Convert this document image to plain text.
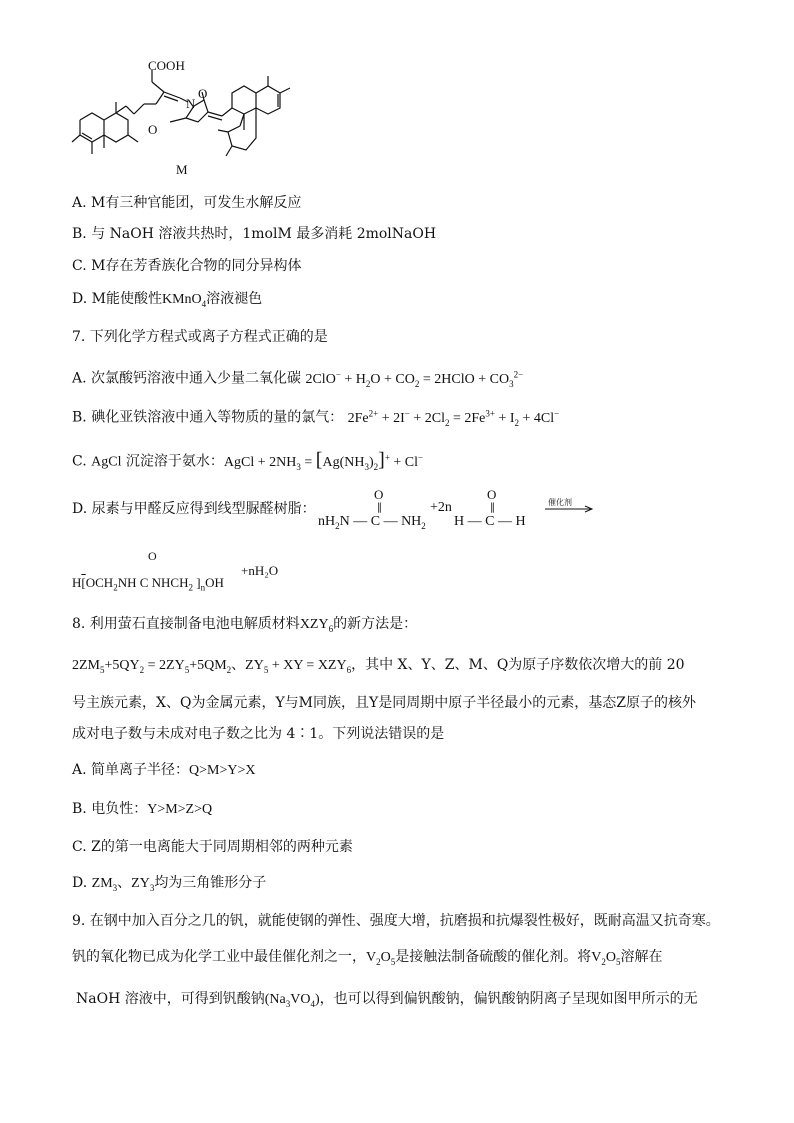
COOH
N
O
O
M
A. M有三种官能团，可发生水解反应
B. 与 NaOH 溶液共热时，1molM 最多消耗 2molNaOH
C. M存在芳香族化合物的同分异构体
D. M能使酸性KMnO$_4$溶液褪色
7. 下列化学方程式或离子方程式正确的是
A. 次氯酸钙溶液中通入少量二氧化碳 $2ClO^- + H_2O + CO_2$ = 2HClO + $CO_3^{2-}$
B. 碘化亚铁溶液中通入等物质的量的氯气： $2Fe^{2+} + 2I^- + 2Cl_2 = 2Fe^{3+} + I_2 + 4Cl^-$
C. AgCl 沉淀溶于氨水：AgCl + $2NH_3 = [Ag(NH_3)_2]^+ + Cl^-$
D. 尿素与甲醛反应得到线型脲醛树脂：
O
‖
$nH_2N$ — C — $NH_2$
+2n
O
‖
H — C — H
催化剂
O
$H[OCH_2NH$ C $NHCH_2$ ]$_nOH$
+nH₂O
8. 利用萤石直接制备电池电解质材料$XZY_6$的新方法是：
$2ZM_5+5QY_2 = 2ZY_5+5QM_2$、$ZY_5$ + XY = $XZY_6$，其中 X、Y、Z、M、Q为原子序数依次增大的前 20
号主族元素，X、Q为金属元素，Y与M同族，且Y是同周期中原子半径最小的元素，基态Z原子的核外
成对电子数与未成对电子数之比为 4∶1。下列说法错误的是
A. 简单离子半径：Q>M>Y>X
B. 电负性：Y>M>Z>Q
C. Z的第一电离能大于同周期相邻的两种元素
D. $ZM_3$、$ZY_3$均为三角锥形分子
9. 在钢中加入百分之几的钒，就能使钢的弹性、强度大增，抗磨损和抗爆裂性极好，既耐高温又抗奇寒。
钒的氧化物已成为化学工业中最佳催化剂之一，$V_2O_5$是接触法制备硫酸的催化剂。将$V_2O_5$溶解在
NaOH 溶液中，可得到钒酸钠$(Na_3VO_4)$，也可以得到偏钒酸钠，偏钒酸钠阴离子呈现如图甲所示的无
